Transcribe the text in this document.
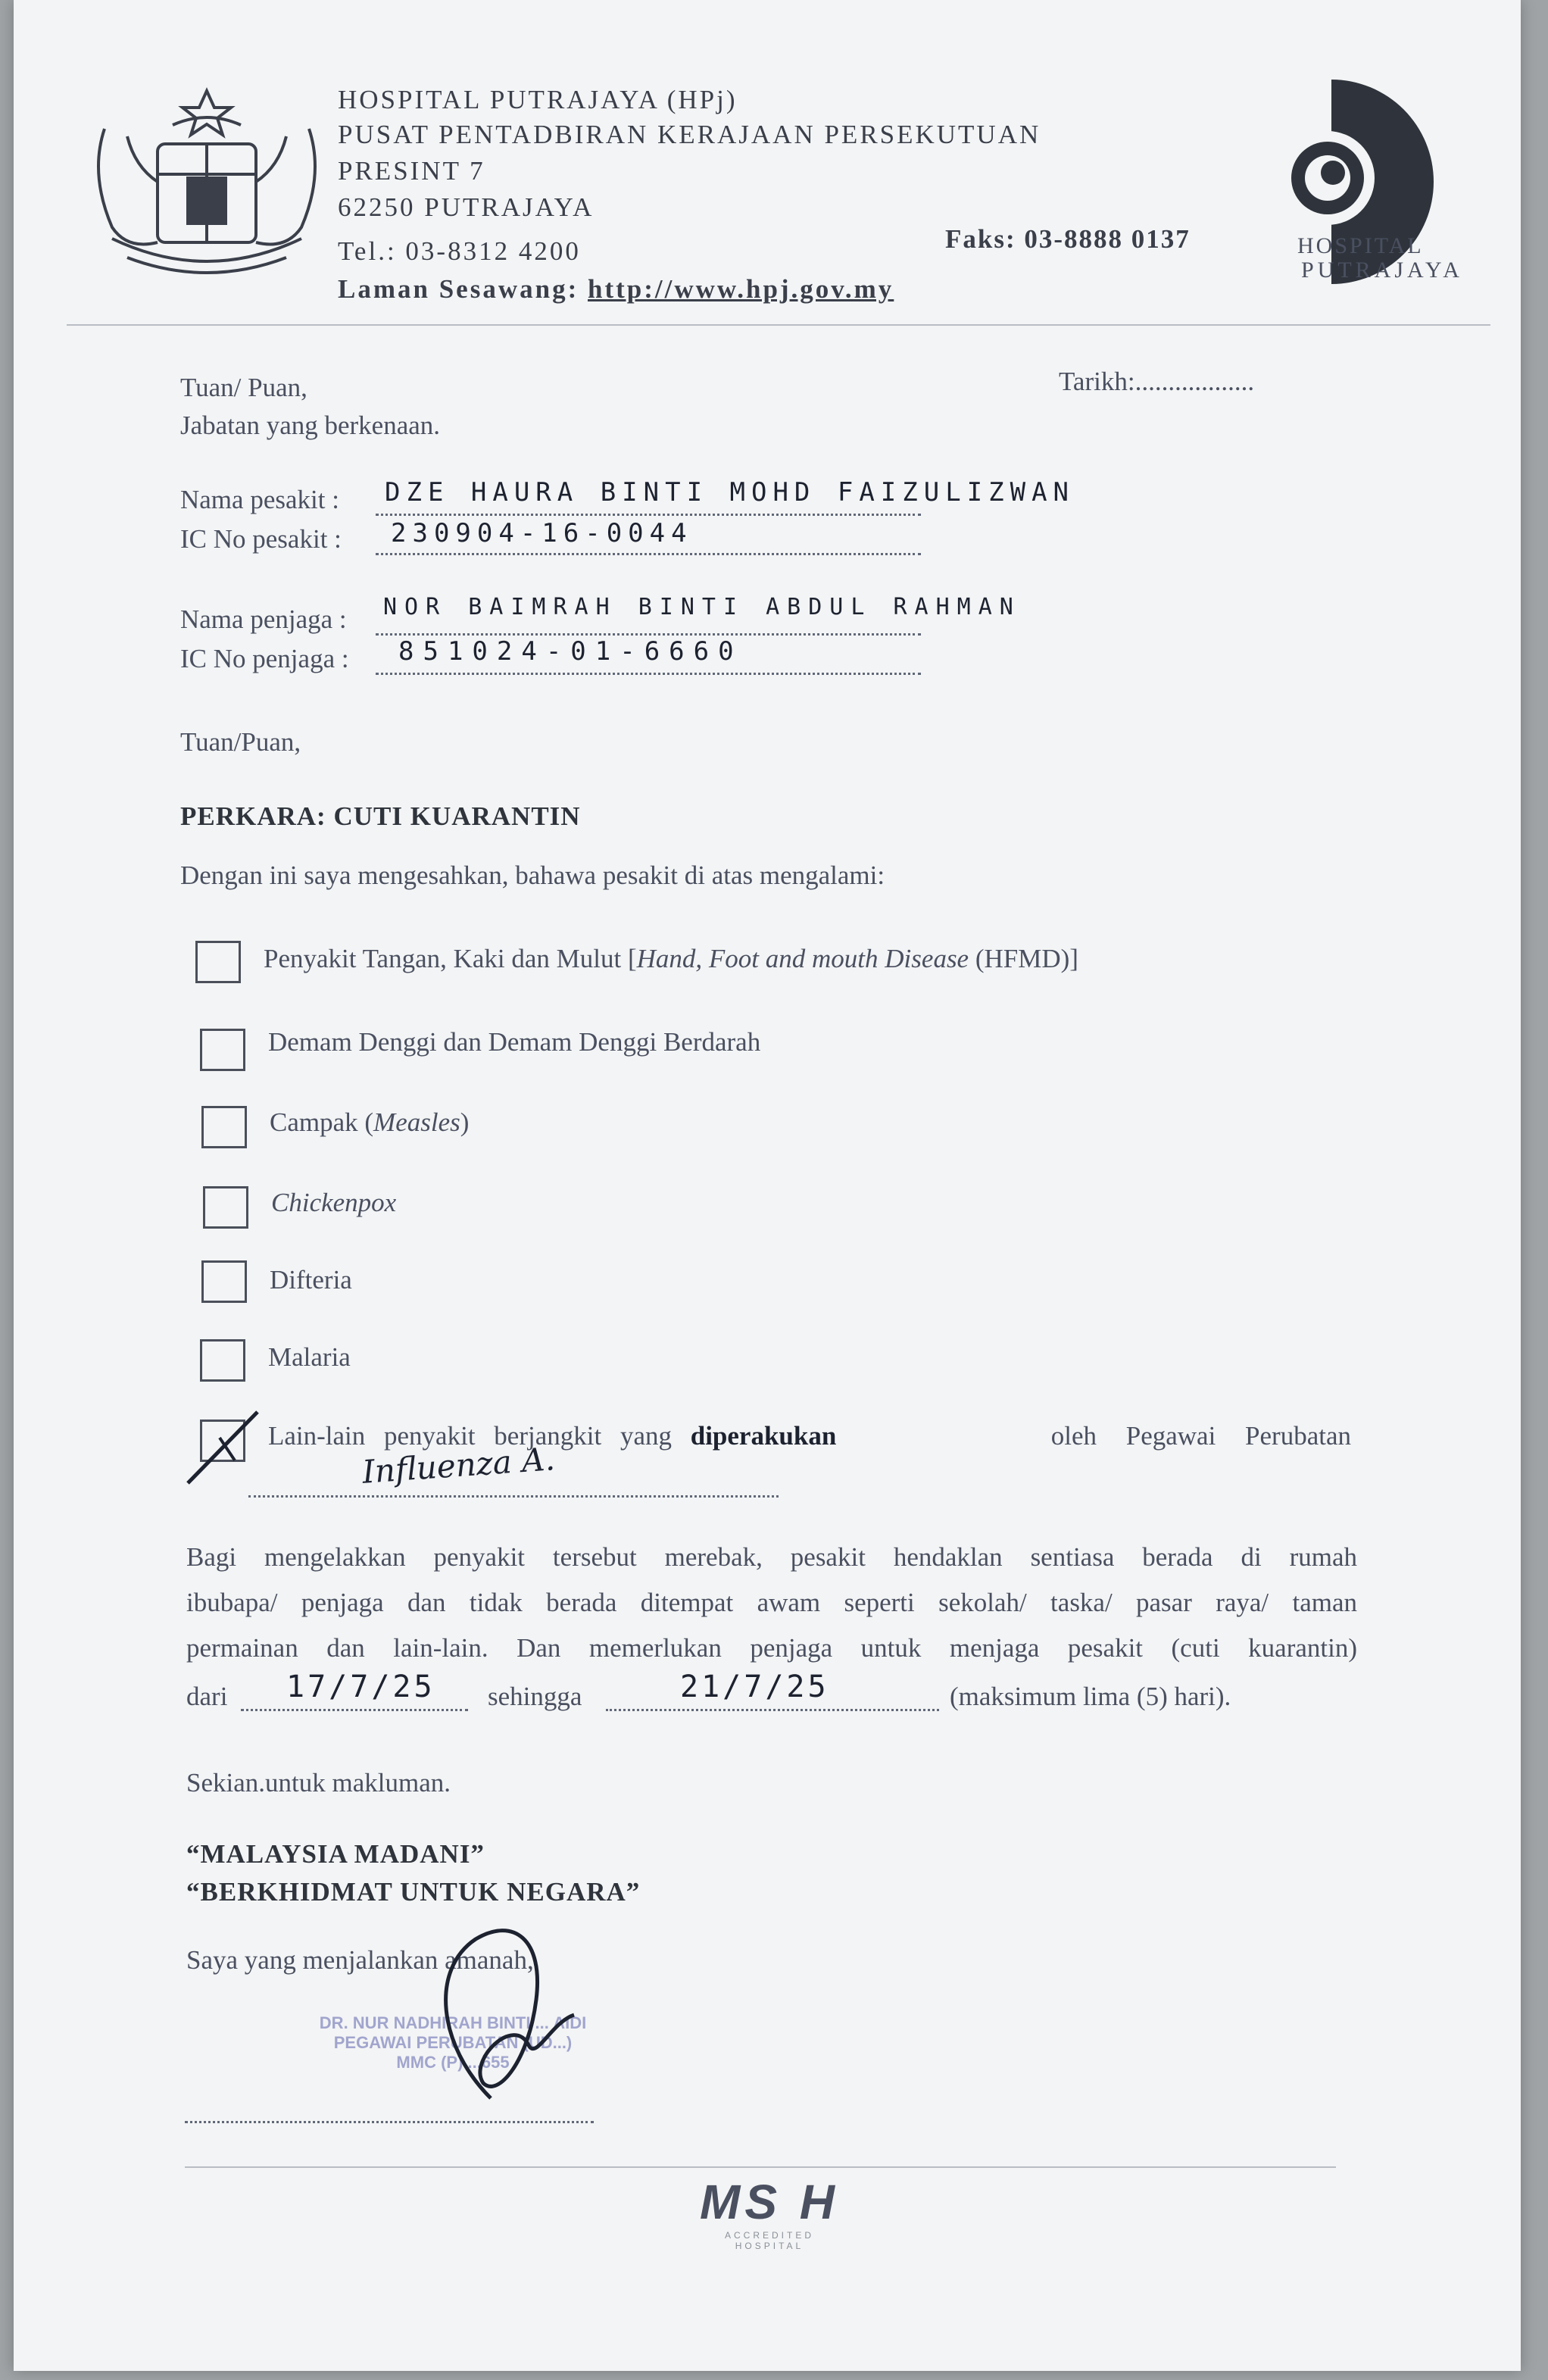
HOSPITAL PUTRAJAYA (HPj)
PUSAT PENTADBIRAN KERAJAAN PERSEKUTUAN
PRESINT 7
62250 PUTRAJAYA
Tel.: 03-8312 4200	Faks: 03-8888 0137
Laman Sesawang: http://www.hpj.gov.my
HOSPITAL
PUTRAJAYA
Tuan/ Puan,
Jabatan yang berkenaan.
Tarikh:..................
Nama pesakit : DZE HAURA BINTI MOHD FAIZULIZWAN
IC No pesakit : 230904-16-0044
Nama penjaga : NOR BAIMRAH BINTI ABDUL RAHMAN
IC No penjaga : 851024-01-6660
Tuan/Puan,
PERKARA: CUTI KUARANTIN
Dengan ini saya mengesahkan, bahawa pesakit di atas mengalami:
Penyakit Tangan, Kaki dan Mulut [Hand, Foot and mouth Disease (HFMD)]
Demam Denggi dan Demam Denggi Berdarah
Campak (Measles)
Chickenpox
Difteria
Malaria
Lain-lain penyakit berjangkit yang diperakukan	oleh Pegawai Perubatan
Influenza A.
Bagi mengelakkan penyakit tersebut merebak, pesakit hendaklan sentiasa berada di rumah
ibubapa/ penjaga dan tidak berada ditempat awam seperti sekolah/ taska/ pasar raya/ taman
permainan dan lain-lain. Dan memerlukan penjaga untuk menjaga pesakit (cuti kuarantin)
dari 17/7/25 sehingga	21/7/25	(maksimum lima (5) hari).
Sekian.untuk makluman.
“MALAYSIA MADANI”
“BERKHIDMAT UNTUK NEGARA”
Saya yang menjalankan amanah,
DR. NUR NADHIRAH BINTI ... AIDI
PEGAWAI PERUBATAN (UD...)
MMC (P) ...655
MS H
ACCREDITED
HOSPITAL
